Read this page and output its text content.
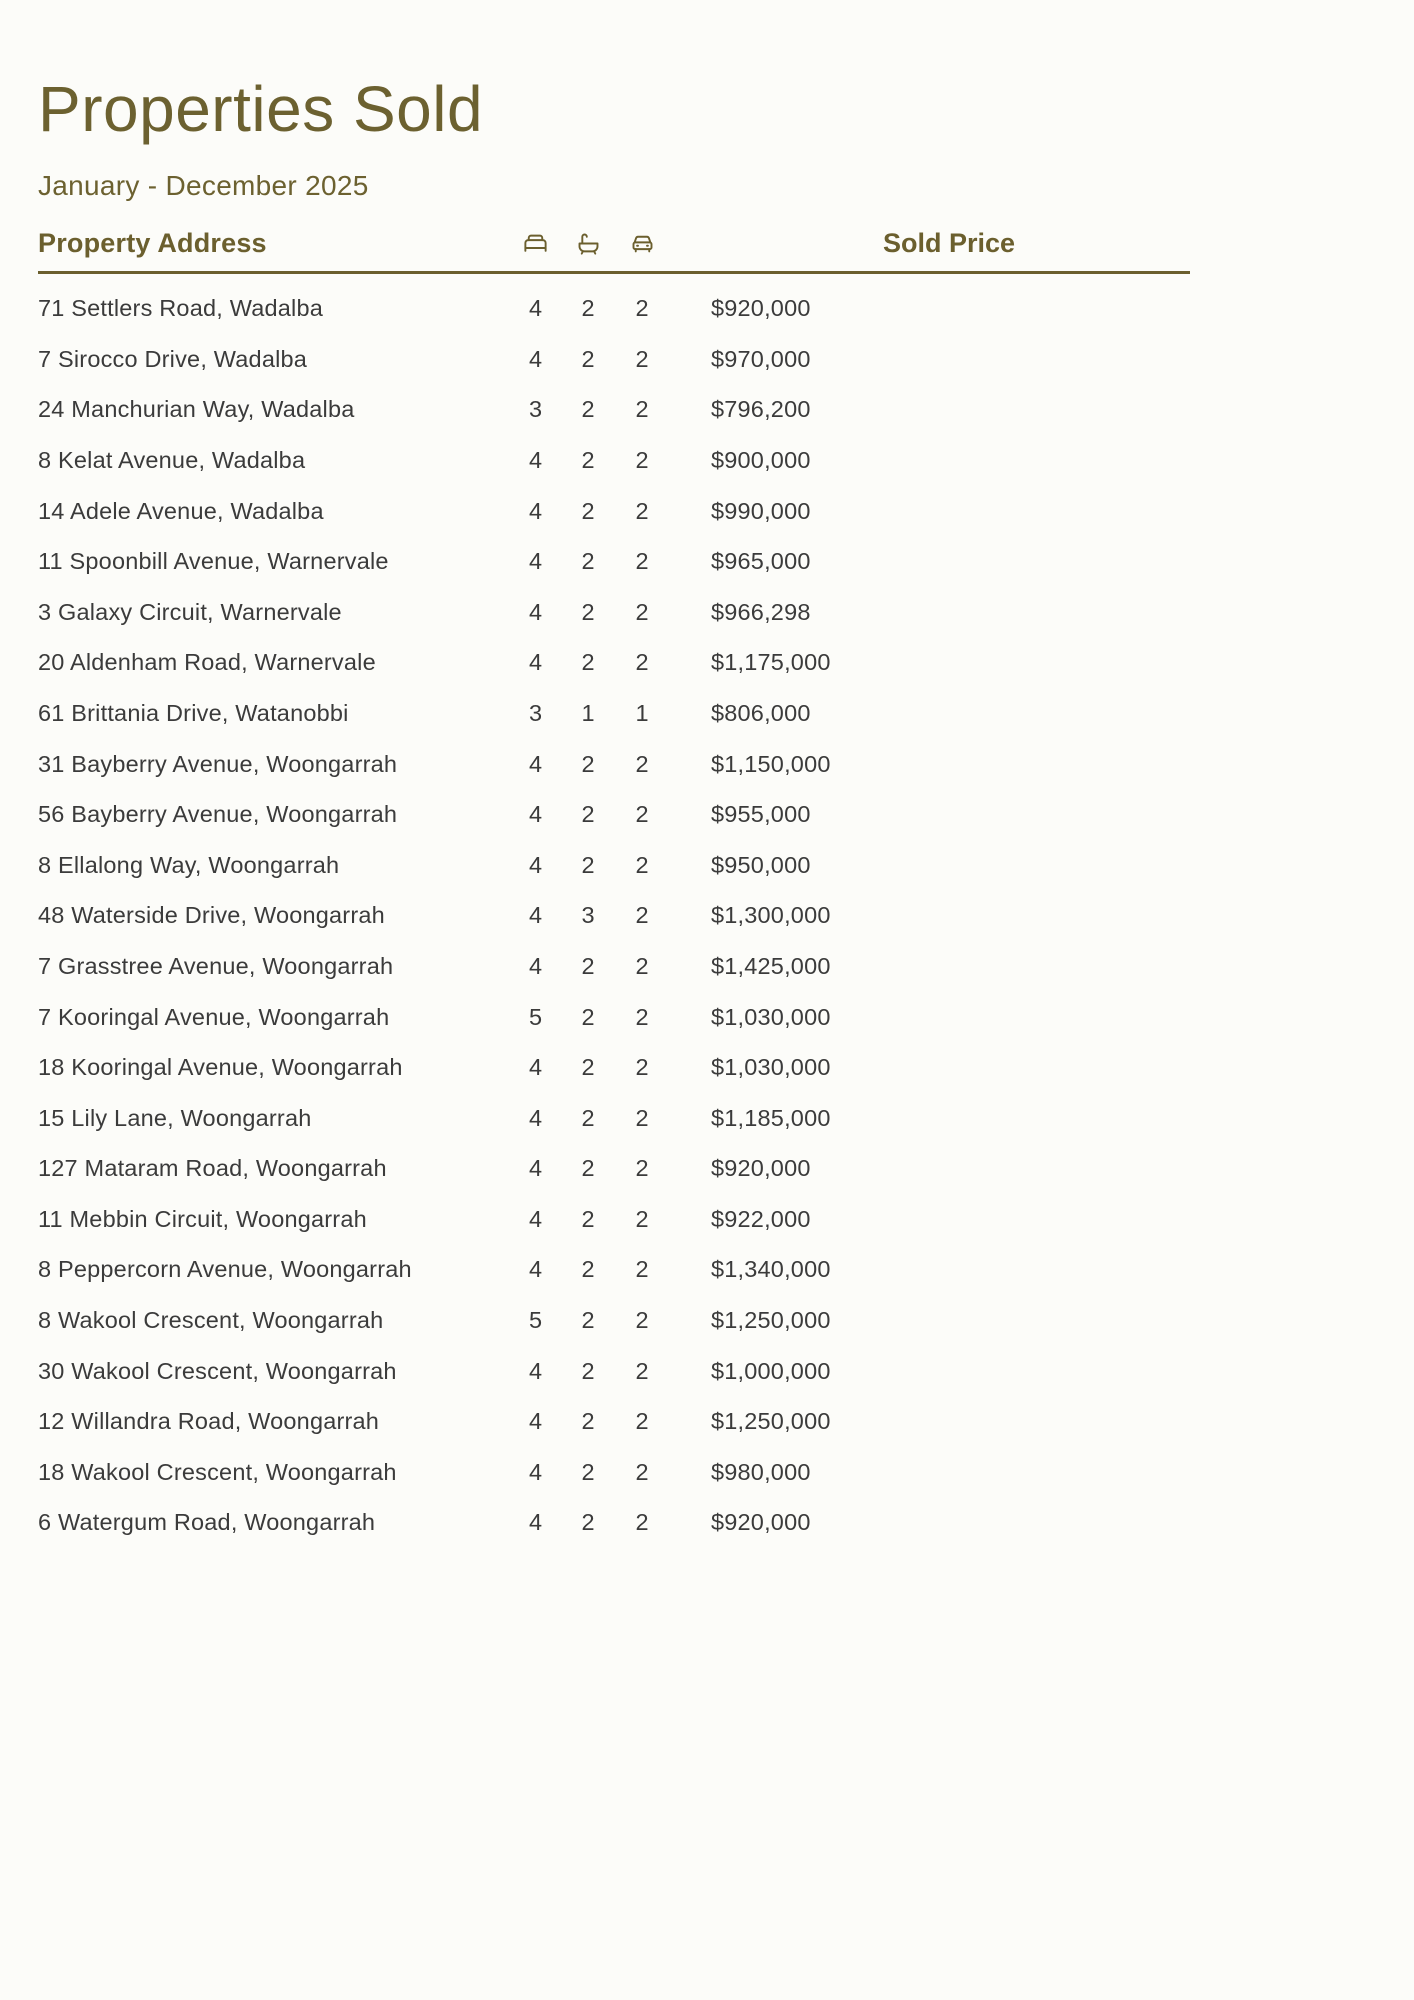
Properties Sold
January - December 2025
Property Address	Sold Price
71 Settlers Road, Wadalba	4	2	2	$920,000
7 Sirocco Drive, Wadalba	4	2	2	$970,000
24 Manchurian Way, Wadalba	3	2	2	$796,200
8 Kelat Avenue, Wadalba	4	2	2	$900,000
14 Adele Avenue, Wadalba	4	2	2	$990,000
11 Spoonbill Avenue, Warnervale	4	2	2	$965,000
3 Galaxy Circuit, Warnervale	4	2	2	$966,298
20 Aldenham Road, Warnervale	4	2	2	$1,175,000
61 Brittania Drive, Watanobbi	3	1	1	$806,000
31 Bayberry Avenue, Woongarrah	4	2	2	$1,150,000
56 Bayberry Avenue, Woongarrah	4	2	2	$955,000
8 Ellalong Way, Woongarrah	4	2	2	$950,000
48 Waterside Drive, Woongarrah	4	3	2	$1,300,000
7 Grasstree Avenue, Woongarrah	4	2	2	$1,425,000
7 Kooringal Avenue, Woongarrah	5	2	2	$1,030,000
18 Kooringal Avenue, Woongarrah	4	2	2	$1,030,000
15 Lily Lane, Woongarrah	4	2	2	$1,185,000
127 Mataram Road, Woongarrah	4	2	2	$920,000
11 Mebbin Circuit, Woongarrah	4	2	2	$922,000
8 Peppercorn Avenue, Woongarrah	4	2	2	$1,340,000
8 Wakool Crescent, Woongarrah	5	2	2	$1,250,000
30 Wakool Crescent, Woongarrah	4	2	2	$1,000,000
12 Willandra Road, Woongarrah	4	2	2	$1,250,000
18 Wakool Crescent, Woongarrah	4	2	2	$980,000
6 Watergum Road, Woongarrah	4	2	2	$920,000
